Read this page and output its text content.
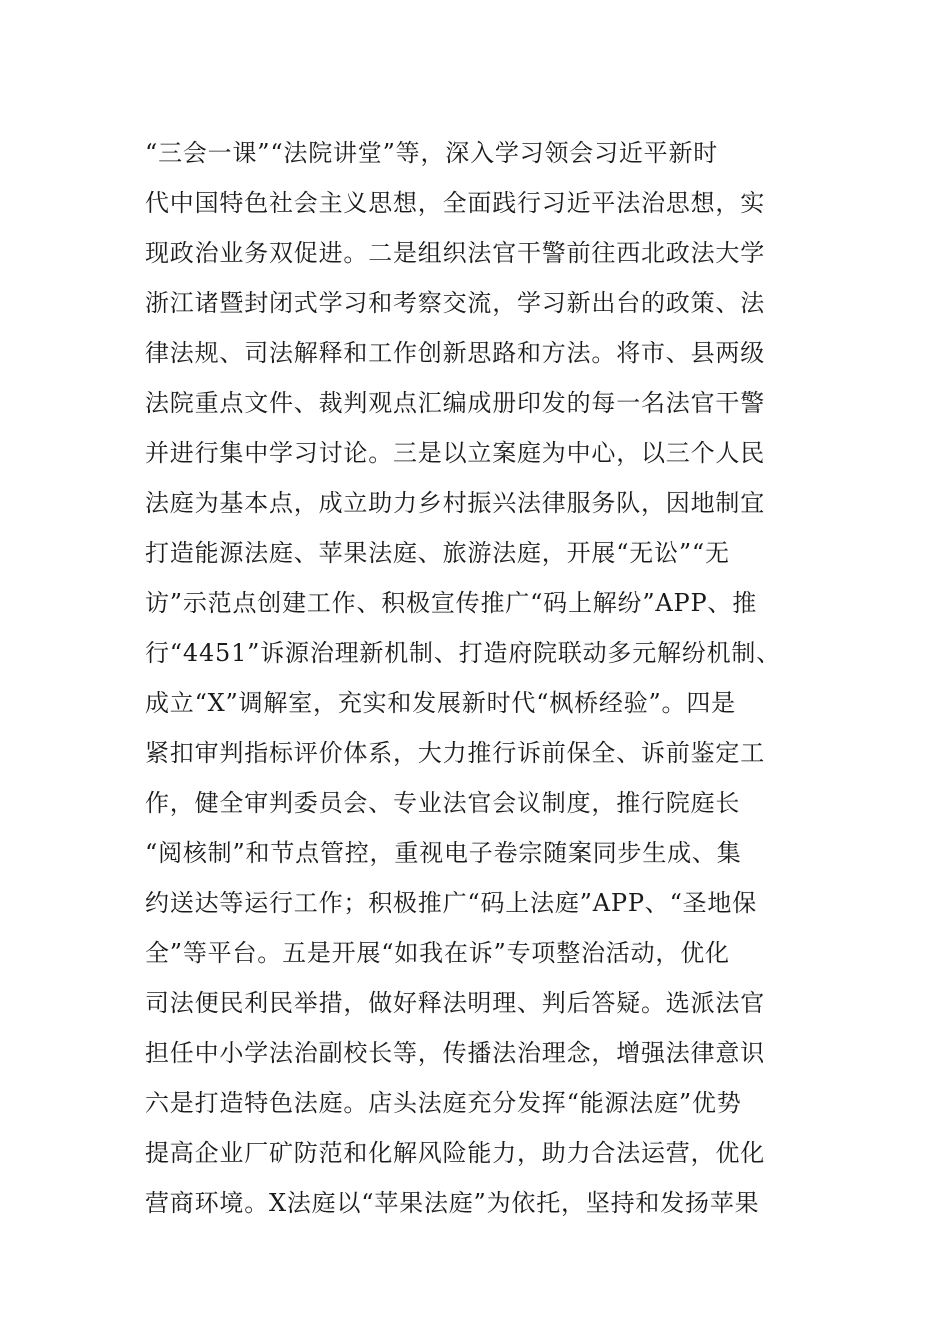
“三会一课”“法院讲堂”等，深入学习领会习近平新时
代中国特色社会主义思想，全面践行习近平法治思想，实
现政治业务双促进。二是组织法官干警前往西北政法大学
浙江诸暨封闭式学习和考察交流，学习新出台的政策、法
律法规、司法解释和工作创新思路和方法。将市、县两级
法院重点文件、裁判观点汇编成册印发的每一名法官干警
并进行集中学习讨论。三是以立案庭为中心，以三个人民
法庭为基本点，成立助力乡村振兴法律服务队，因地制宜
打造能源法庭、苹果法庭、旅游法庭，开展“无讼”“无
访”示范点创建工作、积极宣传推广“码上解纷”APP、推
行“4451”诉源治理新机制、打造府院联动多元解纷机制、
成立“X”调解室，充实和发展新时代“枫桥经验”。四是
紧扣审判指标评价体系，大力推行诉前保全、诉前鉴定工
作，健全审判委员会、专业法官会议制度，推行院庭长
“阅核制”和节点管控，重视电子卷宗随案同步生成、集
约送达等运行工作；积极推广“码上法庭”APP、“圣地保
全”等平台。五是开展“如我在诉”专项整治活动，优化
司法便民利民举措，做好释法明理、判后答疑。选派法官
担任中小学法治副校长等，传播法治理念，增强法律意识
六是打造特色法庭。店头法庭充分发挥“能源法庭”优势
提高企业厂矿防范和化解风险能力，助力合法运营，优化
营商环境。X法庭以“苹果法庭”为依托，坚持和发扬苹果
